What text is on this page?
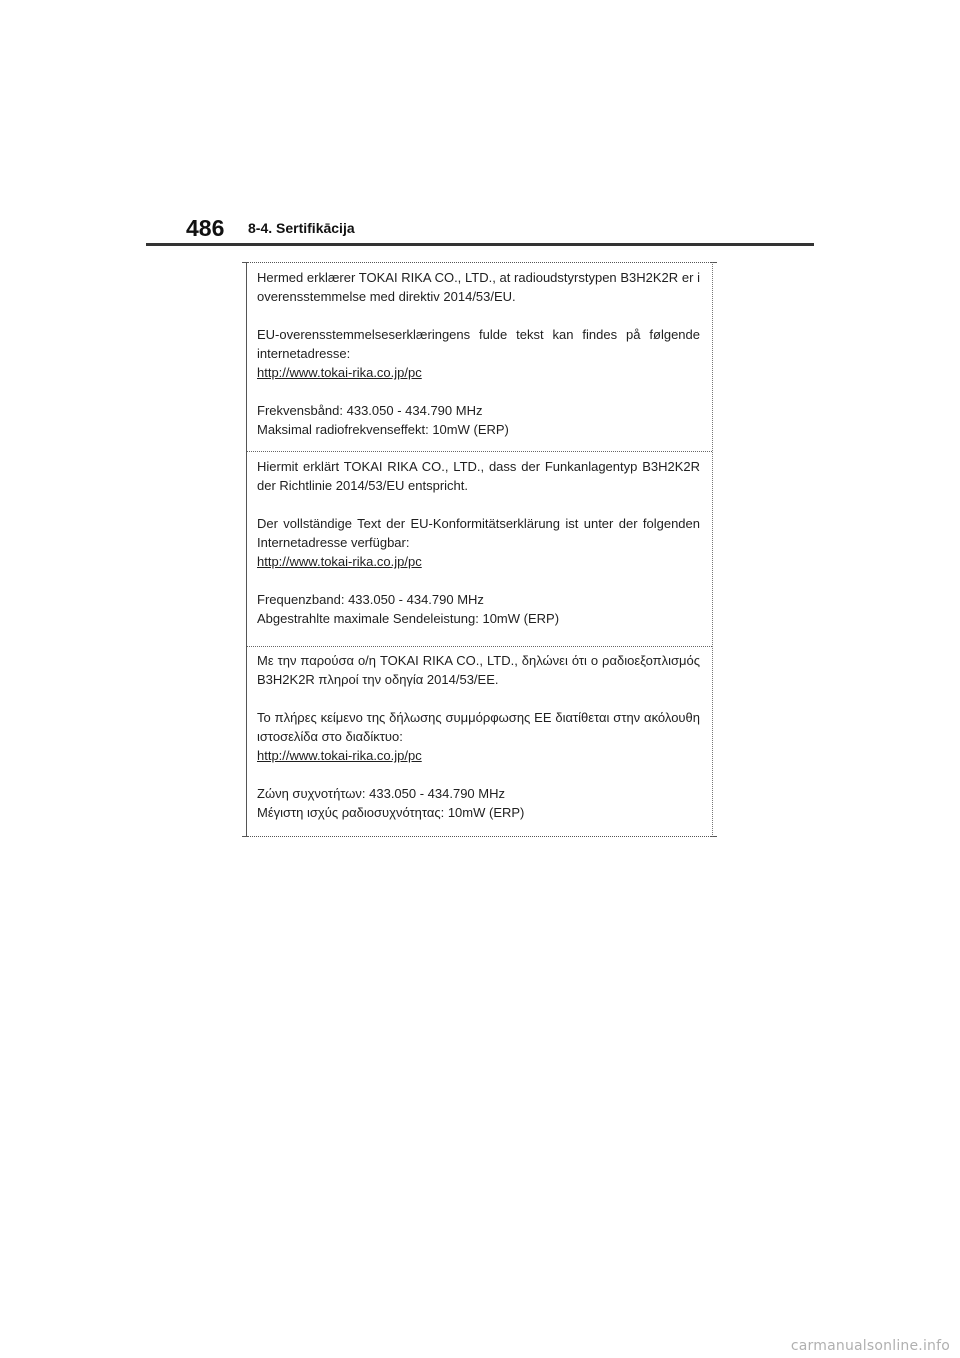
486 8-4. Sertifikācija

Hermed erklærer TOKAI RIKA CO., LTD., at radioudstyrstypen B3H2K2R er i overensstemmelse med direktiv 2014/53/EU.

EU-overensstemmelseserklæringens fulde tekst kan findes på følgende internetadresse:

http://www.tokai-rika.co.jp/pc

Frekvensbånd: 433.050 - 434.790 MHz

Maksimal radiofrekvenseffekt: 10mW (ERP)

Hiermit erklärt TOKAI RIKA CO., LTD., dass der Funkanlagentyp B3H2K2R der Richtlinie 2014/53/EU entspricht.

Der vollständige Text der EU-Konformitätserklärung ist unter der folgenden Internetadresse verfügbar:

http://www.tokai-rika.co.jp/pc

Frequenzband: 433.050 - 434.790 MHz

Abgestrahlte maximale Sendeleistung: 10mW (ERP)

Με την παρούσα ο/η TOKAI RIKA CO., LTD., δηλώνει ότι ο ραδιοεξοπλισμός B3H2K2R πληροί την οδηγία 2014/53/ΕΕ.

Το πλήρες κείμενο της δήλωσης συμμόρφωσης ΕΕ διατίθεται στην ακόλουθη ιστοσελίδα στο διαδίκτυο:

http://www.tokai-rika.co.jp/pc

Ζώνη συχνοτήτων: 433.050 - 434.790 MHz

Μέγιστη ισχύς ραδιοσυχνότητας: 10mW (ERP)

carmanualsonline.info
